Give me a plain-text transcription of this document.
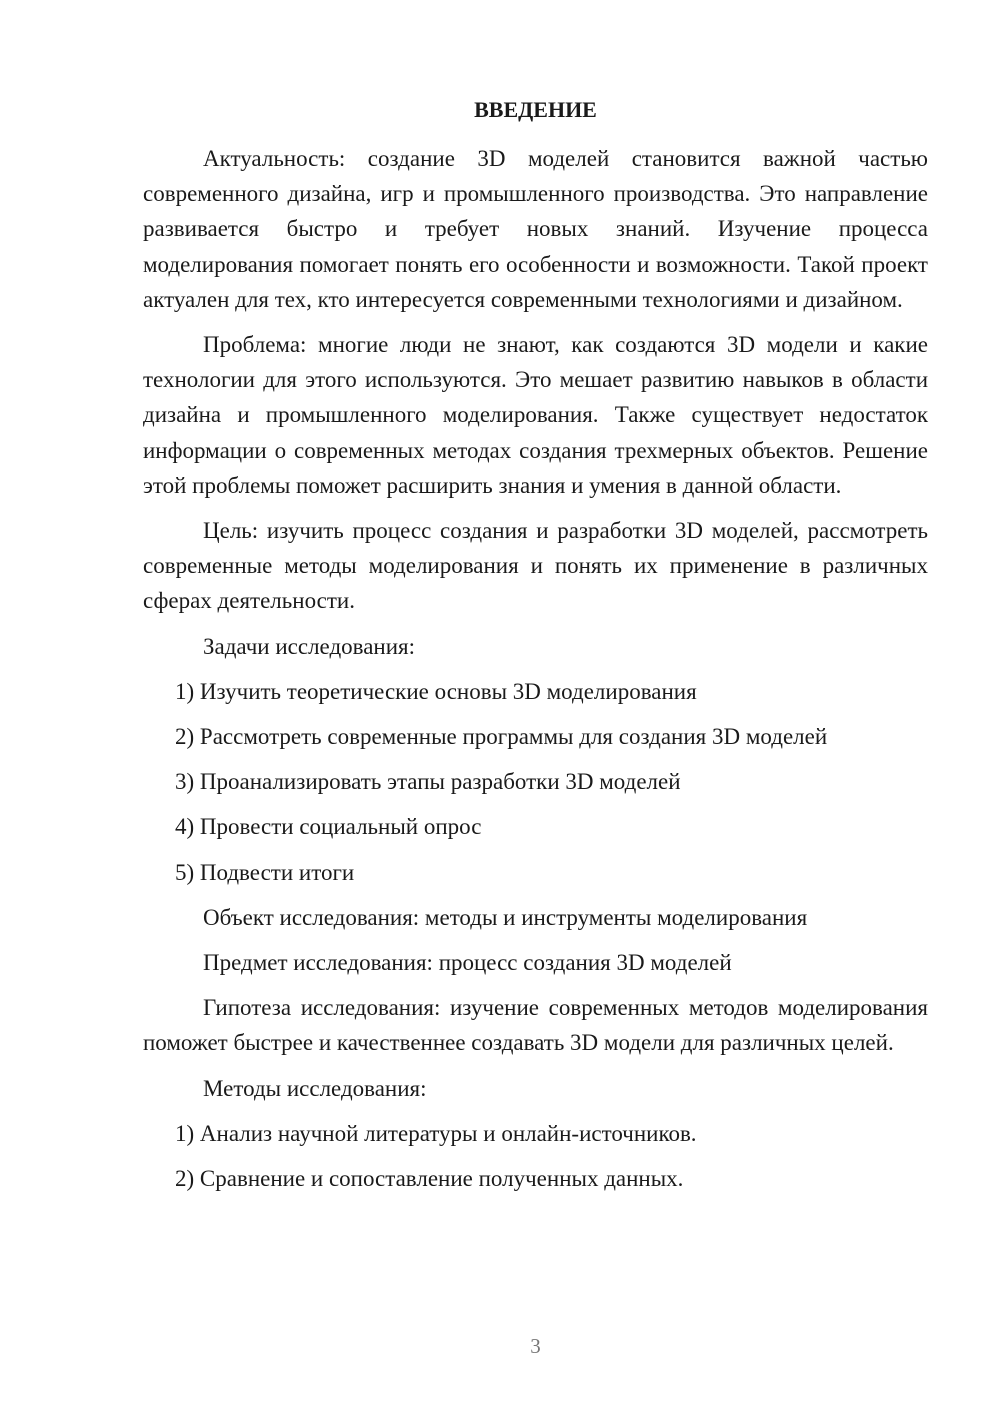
ВВЕДЕНИЕ

Актуальность: создание 3D моделей становится важной частью современного дизайна, игр и промышленного производства. Это направление развивается быстро и требует новых знаний. Изучение процесса моделирования помогает понять его особенности и возможности. Такой проект актуален для тех, кто интересуется современными технологиями и дизайном.

Проблема: многие люди не знают, как создаются 3D модели и какие технологии для этого используются. Это мешает развитию навыков в области дизайна и промышленного моделирования. Также существует недостаток информации о современных методах создания трехмерных объектов. Решение этой проблемы поможет расширить знания и умения в данной области.

Цель: изучить процесс создания и разработки 3D моделей, рассмотреть современные методы моделирования и понять их применение в различных сферах деятельности.

Задачи исследования:

1) Изучить теоретические основы 3D моделирования
2) Рассмотреть современные программы для создания 3D моделей
3) Проанализировать этапы разработки 3D моделей
4) Провести социальный опрос
5) Подвести итоги

Объект исследования: методы и инструменты моделирования

Предмет исследования: процесс создания 3D моделей

Гипотеза исследования: изучение современных методов моделирования поможет быстрее и качественнее создавать 3D модели для различных целей.

Методы исследования:

1) Анализ научной литературы и онлайн-источников.
2) Сравнение и сопоставление полученных данных.
3
